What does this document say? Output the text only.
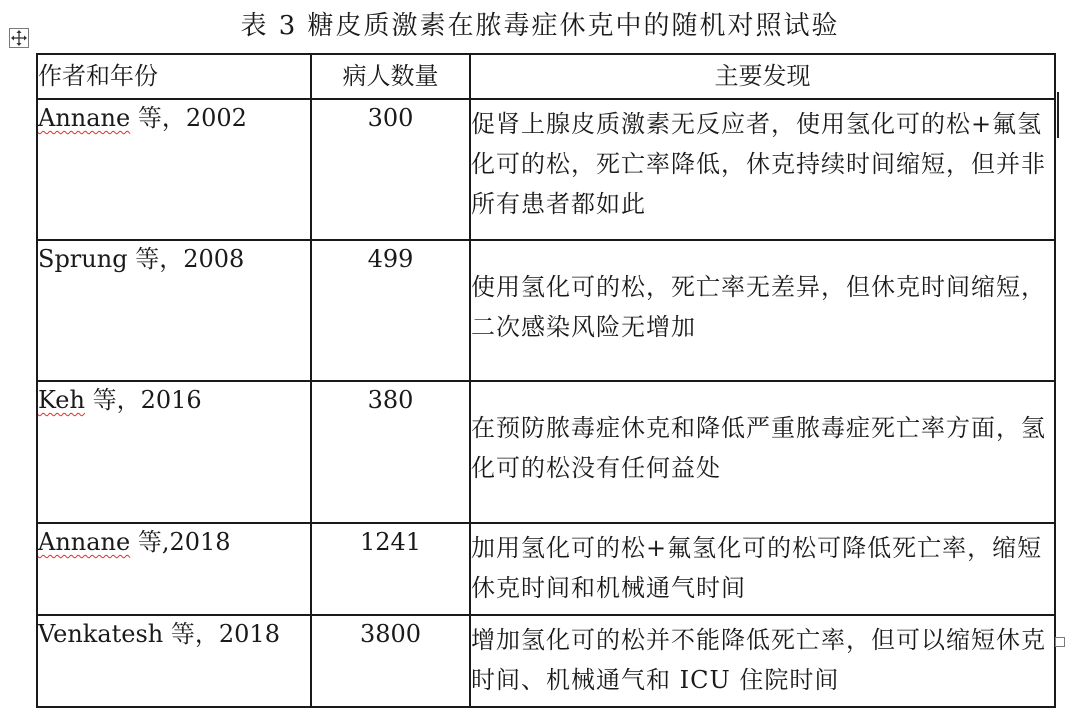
表 3 糖皮质激素在脓毒症休克中的随机对照试验
作者和年份	病人数量	主要发现
Annane 等，2002	300	促肾上腺皮质激素无反应者，使用氢化可的松+氟氢化可的松，死亡率降低，休克持续时间缩短，但并非所有患者都如此
Sprung 等，2008	499	使用氢化可的松，死亡率无差异，但休克时间缩短，二次感染风险无增加
Keh 等，2016	380	在预防脓毒症休克和降低严重脓毒症死亡率方面，氢化可的松没有任何益处
Annane 等,2018	1241	加用氢化可的松+氟氢化可的松可降低死亡率，缩短休克时间和机械通气时间
Venkatesh 等，2018	3800	增加氢化可的松并不能降低死亡率，但可以缩短休克时间、机械通气和 ICU 住院时间
